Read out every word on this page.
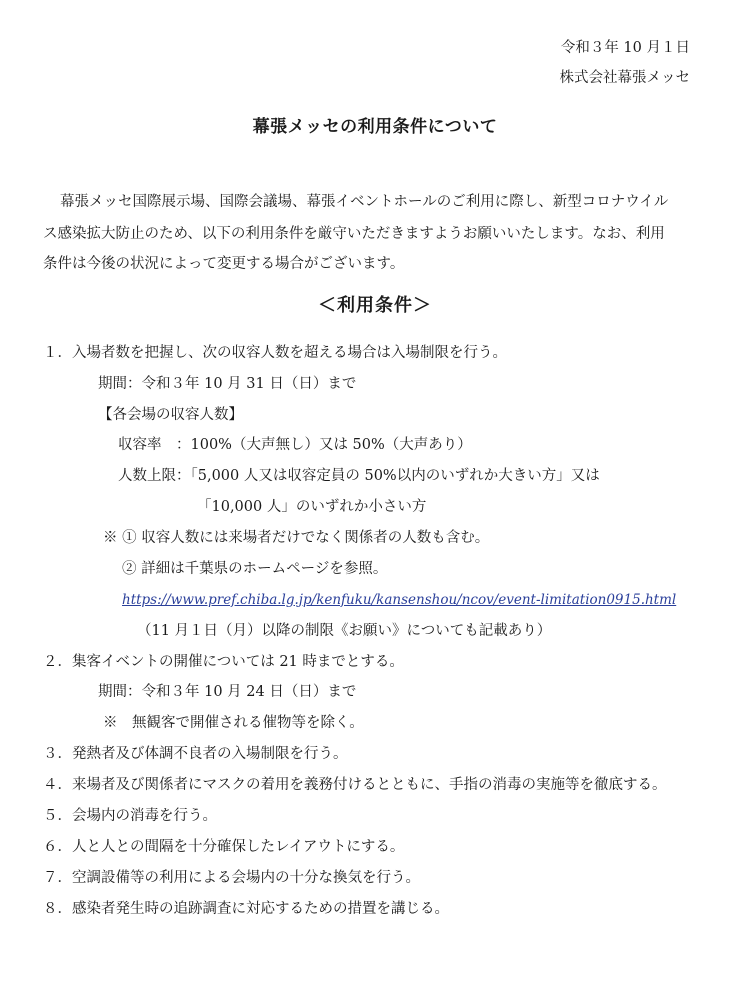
令和３年 10 月１日
株式会社幕張メッセ
幕張メッセの利用条件について
幕張メッセ国際展示場、国際会議場、幕張イベントホールのご利用に際し、新型コロナウイル
ス感染拡大防止のため、以下の利用条件を厳守いただきますようお願いいたします。なお、利用
条件は今後の状況によって変更する場合がございます。
＜利用条件＞
１．入場者数を把握し、次の収容人数を超える場合は入場制限を行う。
期間：令和３年 10 月 31 日（日）まで
【各会場の収容人数】
収容率　：100%（大声無し）又は 50%（大声あり）
人数上限：「5,000 人又は収容定員の 50%以内のいずれか大きい方」又は
「10,000 人」のいずれか小さい方
※ ① 収容人数には来場者だけでなく関係者の人数も含む。
② 詳細は千葉県のホームページを参照。
https://www.pref.chiba.lg.jp/kenfuku/kansenshou/ncov/event-limitation0915.html
（11 月１日（月）以降の制限《お願い》についても記載あり）
２．集客イベントの開催については 21 時までとする。
期間：令和３年 10 月 24 日（日）まで
※　無観客で開催される催物等を除く。
３．発熱者及び体調不良者の入場制限を行う。
４．来場者及び関係者にマスクの着用を義務付けるとともに、手指の消毒の実施等を徹底する。
５．会場内の消毒を行う。
６．人と人との間隔を十分確保したレイアウトにする。
７．空調設備等の利用による会場内の十分な換気を行う。
８．感染者発生時の追跡調査に対応するための措置を講じる。
